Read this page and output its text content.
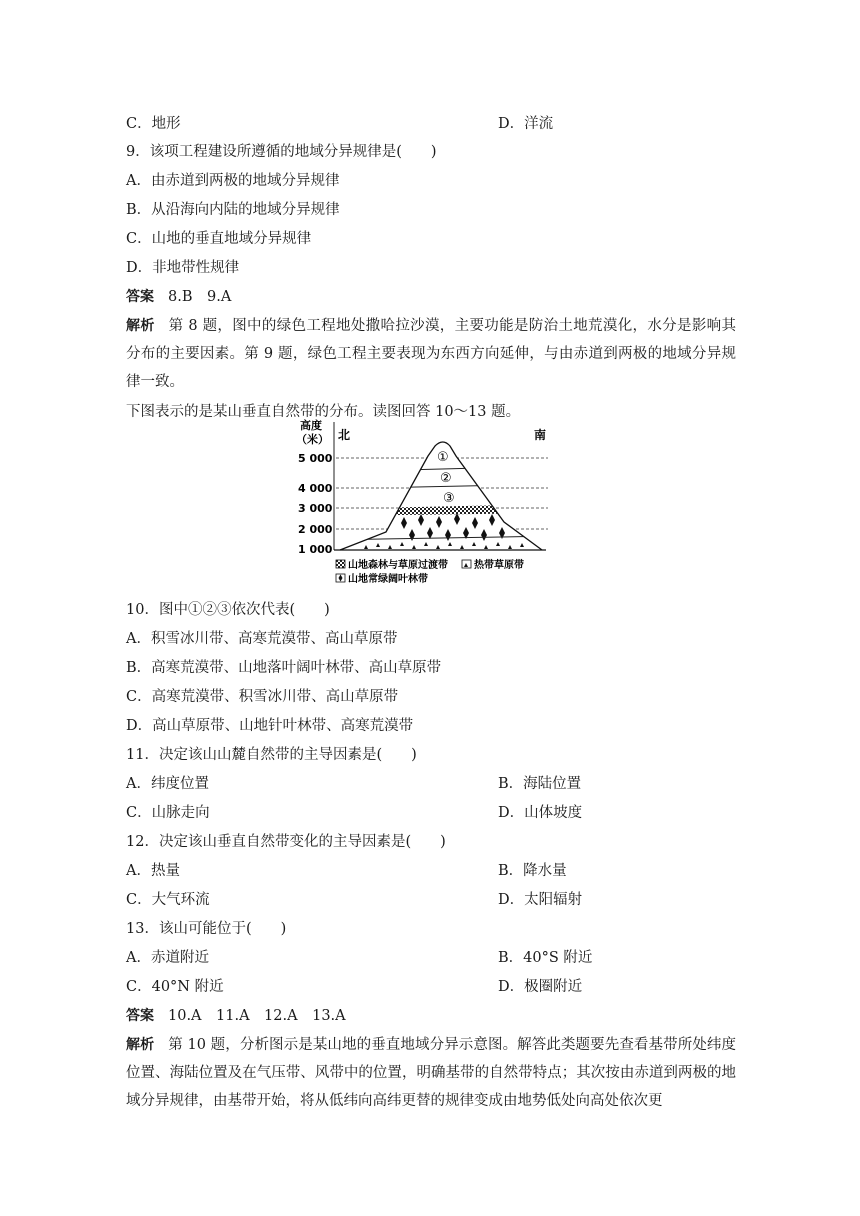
C．地形	D．洋流
9．该项工程建设所遵循的地域分异规律是(　　)
A．由赤道到两极的地域分异规律
B．从沿海向内陆的地域分异规律
C．山地的垂直地域分异规律
D．非地带性规律
答案 8.B　9.A
解析 第 8 题，图中的绿色工程地处撒哈拉沙漠，主要功能是防治土地荒漠化，水分是影响其分布的主要因素。第 9 题，绿色工程主要表现为东西方向延伸，与由赤道到两极的地域分异规律一致。
下图表示的是某山垂直自然带的分布。读图回答 10～13 题。
高度
（米） 北	南
5 000
4 000
3 000
2 000
1 000
①
②
③
山地森林与草原过渡带	热带草原带
山地常绿阔叶林带
10．图中①②③依次代表(　　)
A．积雪冰川带、高寒荒漠带、高山草原带
B．高寒荒漠带、山地落叶阔叶林带、高山草原带
C．高寒荒漠带、积雪冰川带、高山草原带
D．高山草原带、山地针叶林带、高寒荒漠带
11．决定该山山麓自然带的主导因素是(　　)
A．纬度位置	B．海陆位置
C．山脉走向	D．山体坡度
12．决定该山垂直自然带变化的主导因素是(　　)
A．热量	B．降水量
C．大气环流	D．太阳辐射
13．该山可能位于(　　)
A．赤道附近	B．40°S 附近
C．40°N 附近	D．极圈附近
答案 10.A　11.A　12.A　13.A
解析 第 10 题，分析图示是某山地的垂直地域分异示意图。解答此类题要先查看基带所处纬度位置、海陆位置及在气压带、风带中的位置，明确基带的自然带特点；其次按由赤道到两极的地域分异规律，由基带开始，将从低纬向高纬更替的规律变成由地势低处向高处依次更
